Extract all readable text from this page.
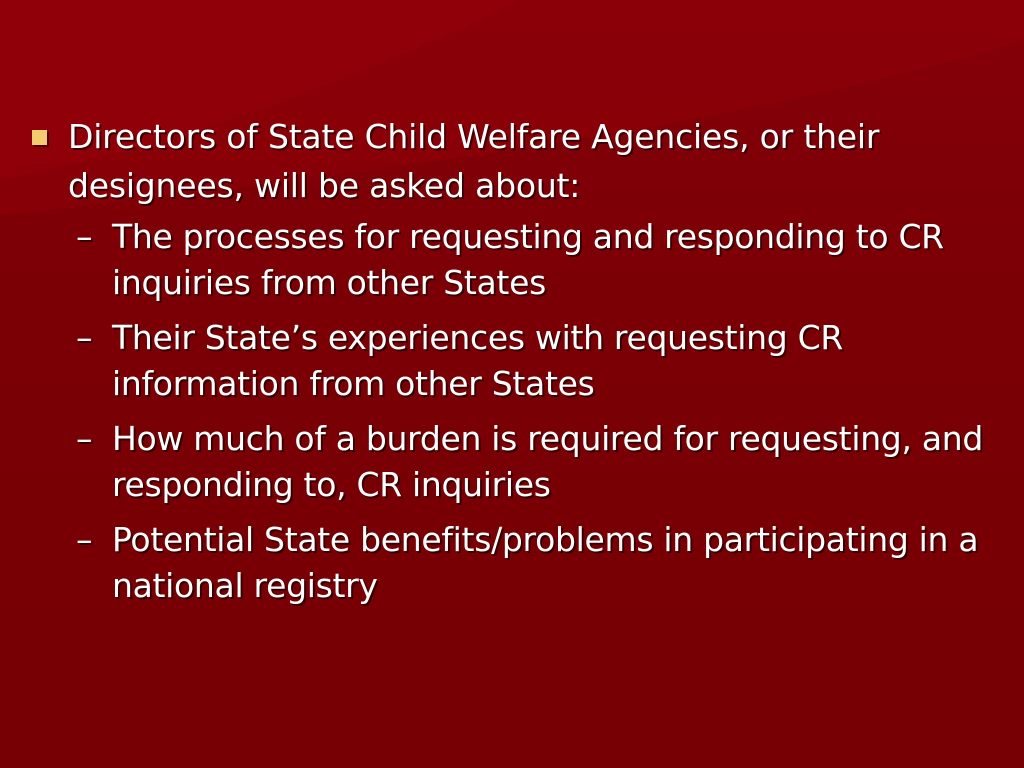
Directors of State Child Welfare Agencies, or their designees, will be asked about:
– The processes for requesting and responding to CR inquiries from other States
– Their State’s experiences with requesting CR information from other States
– How much of a burden is required for requesting, and responding to, CR inquiries
– Potential State benefits/problems in participating in a national registry
